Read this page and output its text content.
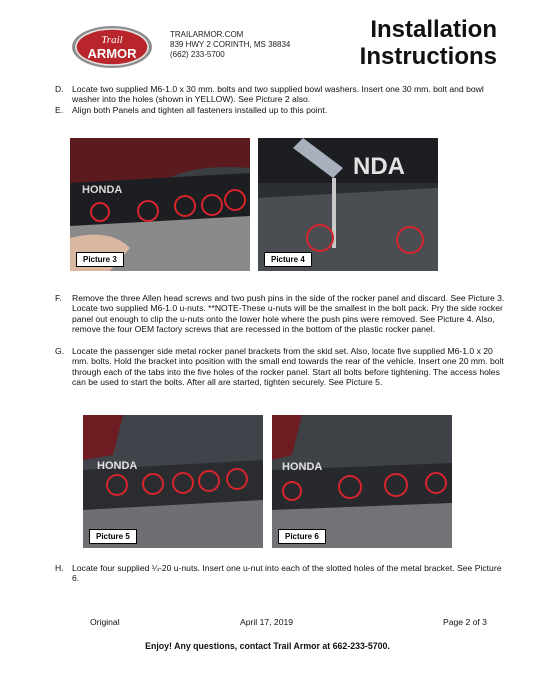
Trail
ARMOR
TRAILARMOR.COM
839 HWY 2 CORINTH, MS 38834
(662) 233-5700
Installation
Instructions
D. Locate two supplied M6-1.0 x 30 mm. bolts and two supplied bowl washers. Insert one 30 mm. bolt and bowl washer into the holes (shown in YELLOW). See Picture 2 also.
E. Align both Panels and tighten all fasteners installed up to this point.
HONDA
Picture 3
NDA
Picture 4
F. Remove the three Allen head screws and two push pins in the side of the rocker panel and discard. See Picture 3. Locate two supplied M6-1.0 u-nuts. **NOTE-These u-nuts will be the smallest in the bolt pack. Pry the side rocker panel out enough to clip the u-nuts onto the lower hole where the push pins were removed. See Picture 4. Also, remove the four OEM factory screws that are recessed in the bottom of the plastic rocker panel.
G. Locate the passenger side metal rocker panel brackets from the skid set. Also, locate five supplied M6-1.0 x 20 mm. bolts. Hold the bracket into position with the small end towards the rear of the vehicle. Insert one 20 mm. bolt through each of the tabs into the five holes of the rocker panel. Start all bolts before tightening. The access holes can be used to start the bolts. After all are started, tighten securely. See Picture 5.
HONDA
Picture 5
HONDA
Picture 6
H. Locate four supplied ¼-20 u-nuts. Insert one u-nut into each of the slotted holes of the metal bracket. See Picture 6.
Original	April 17, 2019	Page 2 of 3
Enjoy! Any questions, contact Trail Armor at 662-233-5700.
